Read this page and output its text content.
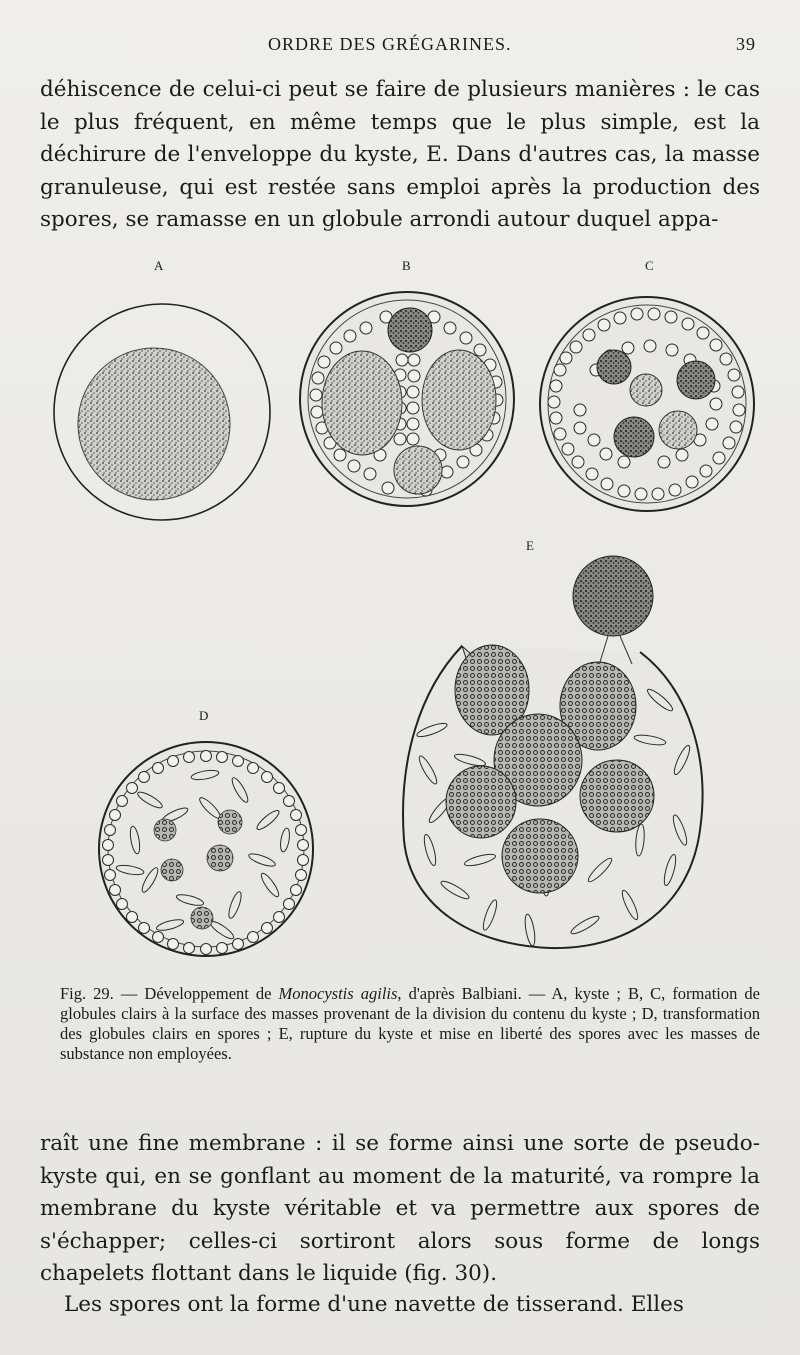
ORDRE DES GRÉGARINES.	39

déhiscence de celui-ci peut se faire de plusieurs manières : le cas le plus fréquent, en même temps que le plus simple, est la déchirure de l'enveloppe du kyste, E. Dans d'autres cas, la masse granuleuse, qui est restée sans emploi après la production des spores, se ramasse en un globule arrondi autour duquel appa-

A	B	C
E
D

Fig. 29. — Développement de Monocystis agilis, d'après Balbiani. — A, kyste ; B, C, formation de globules clairs à la surface des masses provenant de la division du contenu du kyste ; D, transformation des globules clairs en spores ; E, rupture du kyste et mise en liberté des spores avec les masses de substance non employées.

raît une fine membrane : il se forme ainsi une sorte de pseudo-kyste qui, en se gonflant au moment de la maturité, va rompre la membrane du kyste véritable et va permettre aux spores de s'échapper; celles-ci sortiront alors sous forme de longs chapelets flottant dans le liquide (fig. 30).

Les spores ont la forme d'une navette de tisserand. Elles
